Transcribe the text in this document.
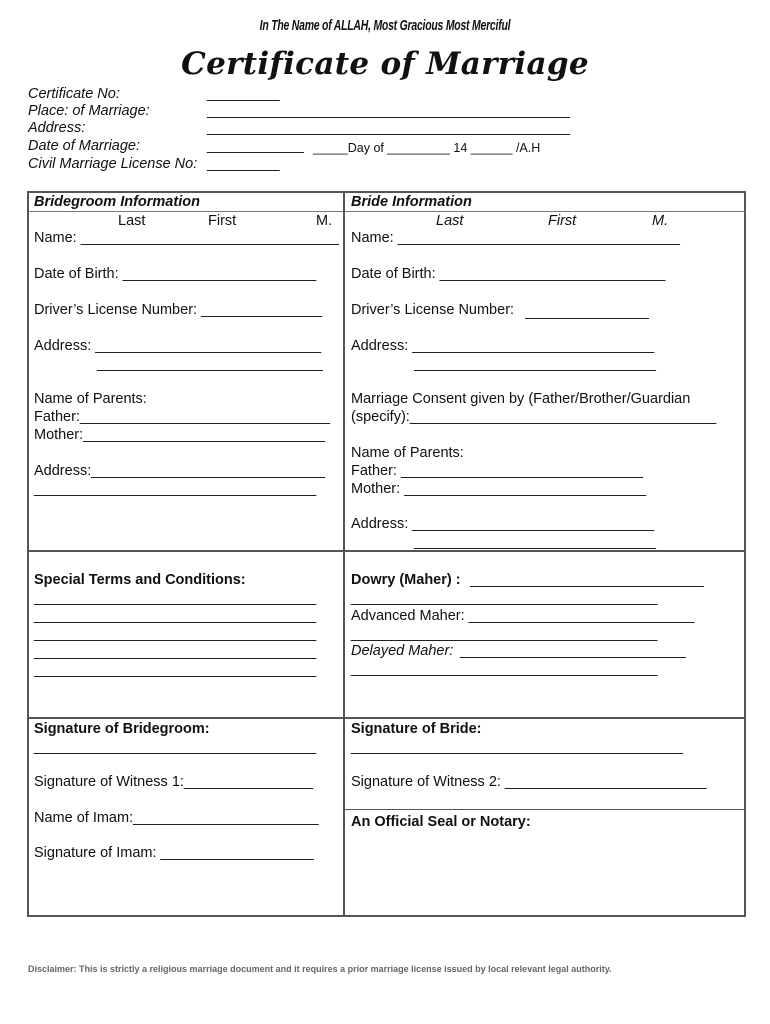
In The Name of ALLAH, Most Gracious Most Merciful
Certificate of Marriage
Certificate No:	_________
Place: of Marriage:	_____________________________________________
Address:	_____________________________________________
Date of Marriage:	____________ _____Day of _________ 14 ______ /A.H
Civil Marriage License No: _________
Bridegroom Information
Last	First	M.
Name: ________________________________
Date of Birth: ________________________
Driver’s License Number: _______________
Address: ____________________________
____________________________
Name of Parents:
Father:_______________________________
Mother:______________________________
Address:_____________________________
___________________________________
Bride Information
Last	First	M.
Name: ___________________________________
Date of Birth: ____________________________
Driver’s License Number:
Address: ______________________________
______________________________
Marriage Consent given by (Father/Brother/Guardian
(specify):______________________________________
Name of Parents:
Father: ______________________________
Mother: ______________________________
Address: ______________________________
______________________________
Special Terms and Conditions:
___________________________________
___________________________________
___________________________________
___________________________________
___________________________________
Dowry (Maher) : _____________________________
______________________________________
Advanced Maher: ____________________________
______________________________________
Delayed Maher: ____________________________
______________________________________
Signature of Bridegroom:
___________________________________
Signature of Bride:
___________________________________________
Signature of Witness 1:________________	Signature of Witness 2: _________________________
Name of Imam:_______________________ An Official Seal or Notary:
Signature of Imam: ___________________
Disclaimer: This is strictly a religious marriage document and it requires a prior marriage license issued by local relevant legal authority.
